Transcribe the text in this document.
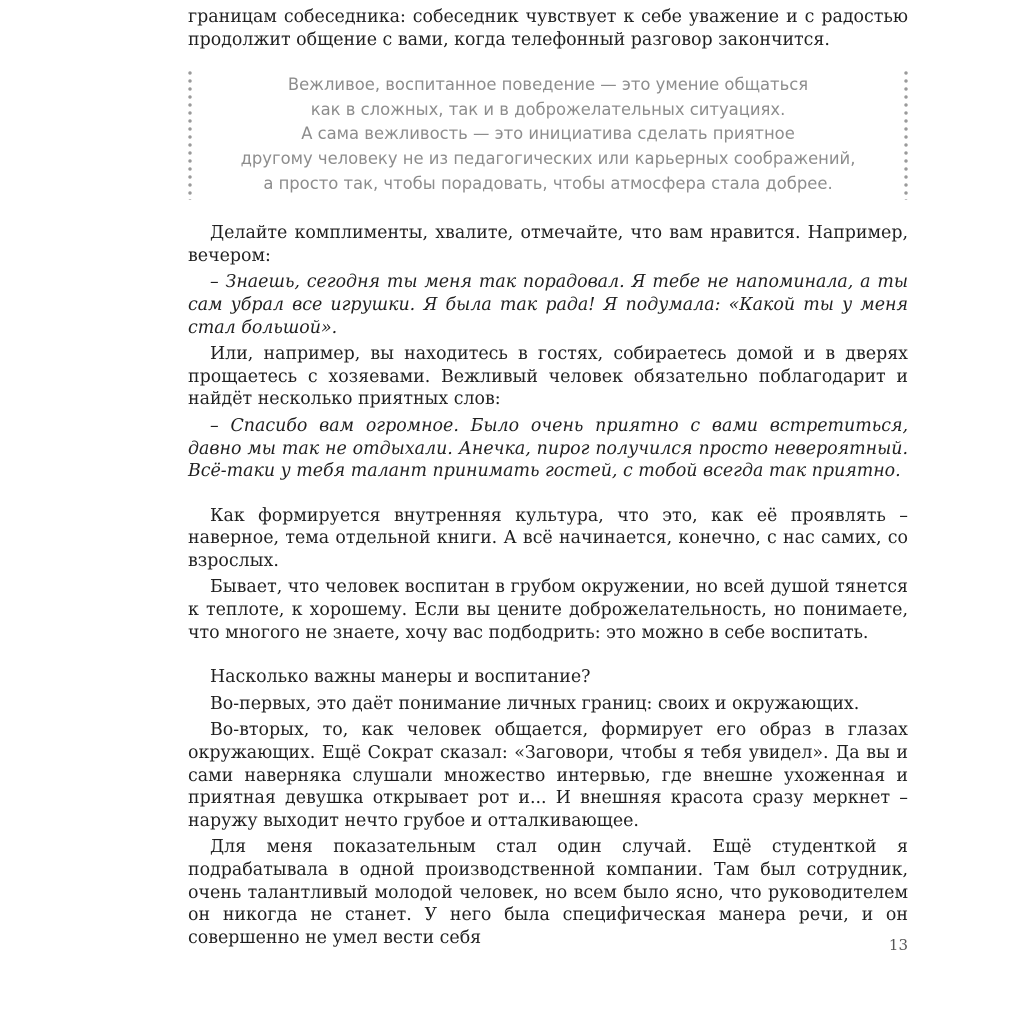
границам собеседника: собеседник чувствует к себе уважение и с радостью продолжит общение с вами, когда телефонный разговор закончится.

Вежливое, воспитанное поведение — это умение общаться
как в сложных, так и в доброжелательных ситуациях.
А сама вежливость — это инициатива сделать приятное
другому человеку не из педагогических или карьерных соображений,
а просто так, чтобы порадовать, чтобы атмосфера стала добрее.

Делайте комплименты, хвалите, отмечайте, что вам нравится. Например, вечером:

– Знаешь, сегодня ты меня так порадовал. Я тебе не напоминала, а ты сам убрал все игрушки. Я была так рада! Я подумала: «Какой ты у меня стал большой».

Или, например, вы находитесь в гостях, собираетесь домой и в дверях прощаетесь с хозяевами. Вежливый человек обязательно поблагодарит и найдёт несколько приятных слов:

– Спасибо вам огромное. Было очень приятно с вами встретиться, давно мы так не отдыхали. Анечка, пирог получился просто невероятный. Всё-таки у тебя талант принимать гостей, с тобой всегда так приятно.

Как формируется внутренняя культура, что это, как её проявлять – наверное, тема отдельной книги. А всё начинается, конечно, с нас самих, со взрослых.

Бывает, что человек воспитан в грубом окружении, но всей душой тянется к теплоте, к хорошему. Если вы цените доброжелательность, но понимаете, что многого не знаете, хочу вас подбодрить: это можно в себе воспитать.

Насколько важны манеры и воспитание?

Во-первых, это даёт понимание личных границ: своих и окружающих.

Во-вторых, то, как человек общается, формирует его образ в глазах окружающих. Ещё Сократ сказал: «Заговори, чтобы я тебя увидел». Да вы и сами наверняка слушали множество интервью, где внешне ухоженная и приятная девушка открывает рот и... И внешняя красота сразу меркнет – наружу выходит нечто грубое и отталкивающее.

Для меня показательным стал один случай. Ещё студенткой я подрабатывала в одной производственной компании. Там был сотрудник, очень талантливый молодой человек, но всем было ясно, что руководителем он никогда не станет. У него была специфическая манера речи, и он совершенно не умел вести себя	13
